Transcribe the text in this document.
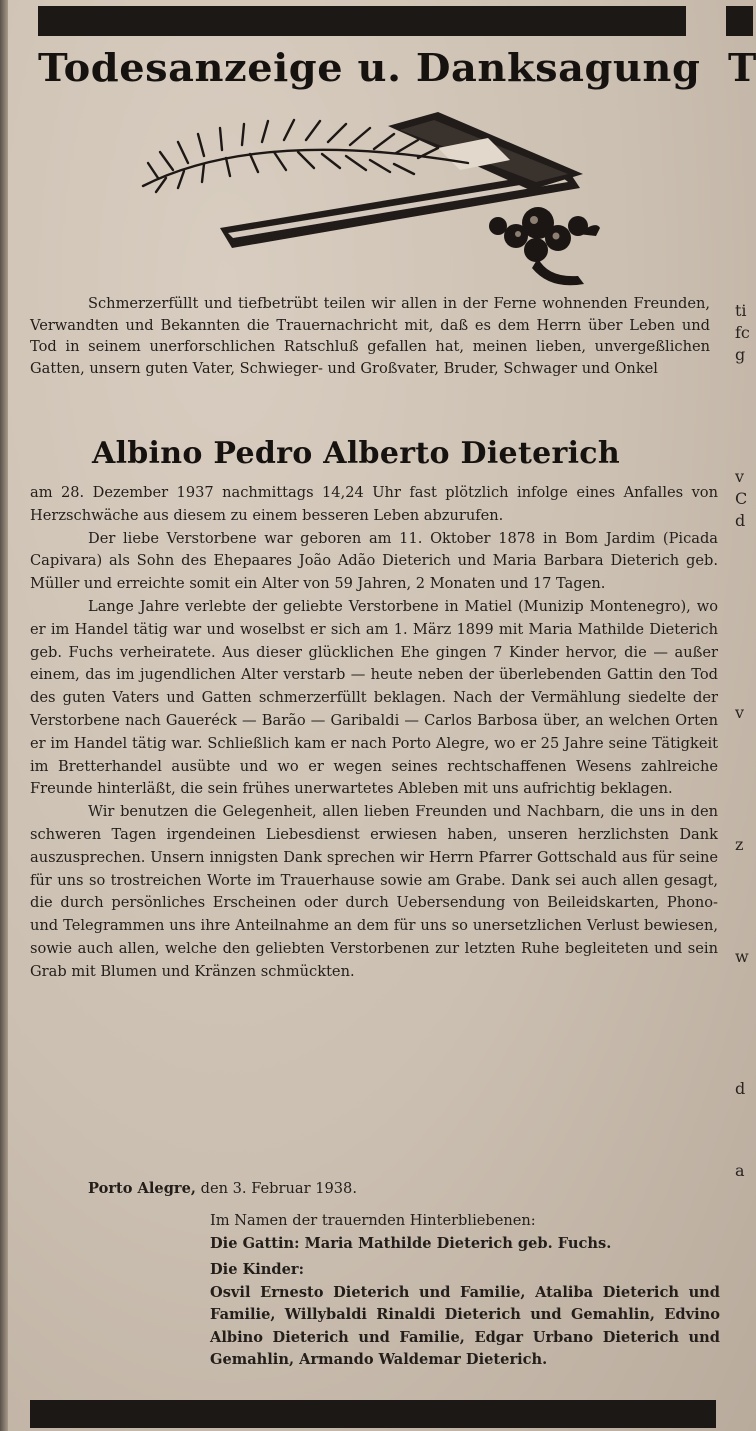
Todesanzeige u. Danksagung T
ti
fc
g
v
C
d
v
z
w
d
a
Schmerzerfüllt und tiefbetrübt teilen wir allen in der Ferne wohnenden Freunden, Verwandten und Bekannten die Trauernachricht mit, daß es dem Herrn über Leben und Tod in seinem unerforschlichen Ratschluß gefallen hat, meinen lieben, unvergeßlichen Gatten, unsern guten Vater, Schwieger- und Großvater, Bruder, Schwager und Onkel
Albino Pedro Alberto Dieterich

am 28. Dezember 1937 nachmittags 14,24 Uhr fast plötzlich infolge eines Anfalles von Herzschwäche aus diesem zu einem besseren Leben abzurufen.

Der liebe Verstorbene war geboren am 11. Oktober 1878 in Bom Jardim (Picada Capivara) als Sohn des Ehepaares João Adão Dieterich und Maria Barbara Dieterich geb. Müller und erreichte somit ein Alter von 59 Jahren, 2 Monaten und 17 Tagen.

Lange Jahre verlebte der geliebte Verstorbene in Matiel (Munizip Montenegro), wo er im Handel tätig war und woselbst er sich am 1. März 1899 mit Maria Mathilde Dieterich geb. Fuchs verheiratete. Aus dieser glücklichen Ehe gingen 7 Kinder hervor, die — außer einem, das im jugendlichen Alter verstarb — heute neben der überlebenden Gattin den Tod des guten Vaters und Gatten schmerzerfüllt beklagen. Nach der Vermählung siedelte der Verstorbene nach Gaueréck — Barão — Garibaldi — Carlos Barbosa über, an welchen Orten er im Handel tätig war. Schließlich kam er nach Porto Alegre, wo er 25 Jahre seine Tätigkeit im Bretterhandel ausübte und wo er wegen seines rechtschaffenen Wesens zahlreiche Freunde hinterläßt, die sein frühes unerwartetes Ableben mit uns aufrichtig beklagen.

Wir benutzen die Gelegenheit, allen lieben Freunden und Nachbarn, die uns in den schweren Tagen irgendeinen Liebesdienst erwiesen haben, unseren herzlichsten Dank auszusprechen. Unsern innigsten Dank sprechen wir Herrn Pfarrer Gottschald aus für seine für uns so trostreichen Worte im Trauerhause sowie am Grabe. Dank sei auch allen gesagt, die durch persönliches Erscheinen oder durch Uebersendung von Beileidskarten, Phono- und Telegrammen uns ihre Anteilnahme an dem für uns so unersetzlichen Verlust bewiesen, sowie auch allen, welche den geliebten Verstorbenen zur letzten Ruhe begleiteten und sein Grab mit Blumen und Kränzen schmückten.

Porto Alegre, den 3. Februar 1938.
Im Namen der trauernden Hinterbliebenen:
Die Gattin: Maria Mathilde Dieterich geb. Fuchs.
Die Kinder:
Osvil Ernesto Dieterich und Familie, Ataliba Dieterich und Familie, Willybaldi Rinaldi Dieterich und Gemahlin, Edvino Albino Dieterich und Familie, Edgar Urbano Dieterich und Gemahlin, Armando Waldemar Dieterich.
